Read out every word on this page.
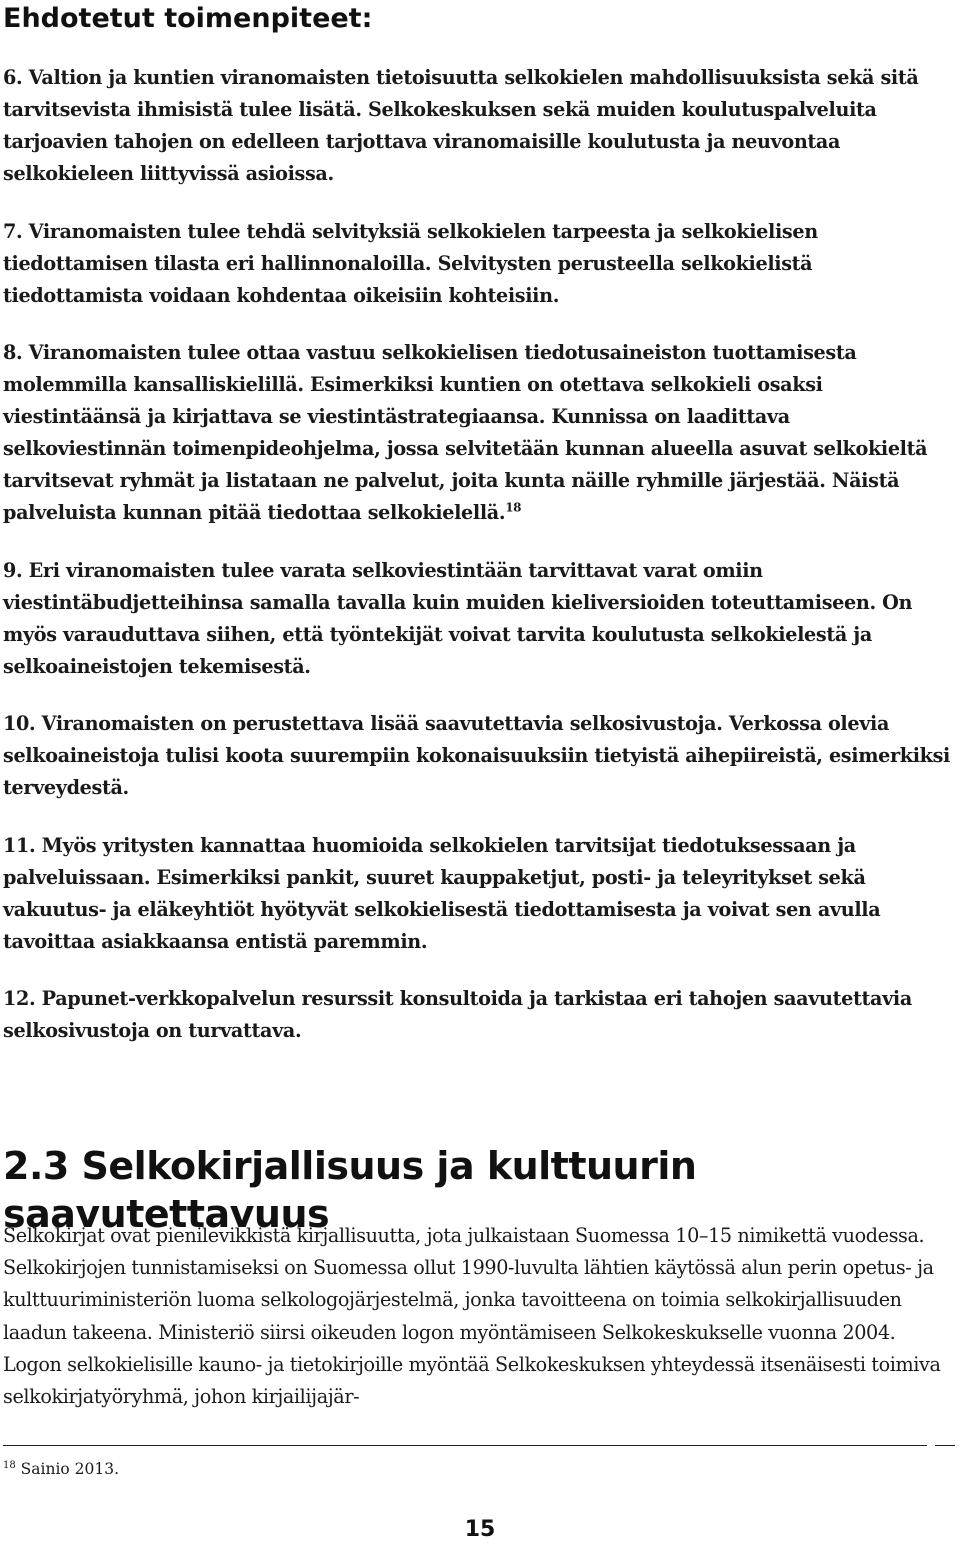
Ehdotetut toimenpiteet:
6. Valtion ja kuntien viranomaisten tietoisuutta selkokielen mahdollisuuksista sekä sitä tarvitsevista ihmisistä tulee lisätä. Selkokeskuksen sekä muiden koulutuspalveluita tarjoavien tahojen on edelleen tarjottava viranomaisille koulutusta ja neuvontaa selkokieleen liittyvissä asioissa.
7. Viranomaisten tulee tehdä selvityksiä selkokielen tarpeesta ja selkokielisen tiedottamisen tilasta eri hallinnonaloilla. Selvitysten perusteella selkokielistä tiedottamista voidaan kohdentaa oikeisiin kohteisiin.
8. Viranomaisten tulee ottaa vastuu selkokielisen tiedotusaineiston tuottamisesta molemmilla kansalliskielillä. Esimerkiksi kuntien on otettava selkokieli osaksi viestintäänsä ja kirjattava se viestintästrategiaansa. Kunnissa on laadittava selkoviestinnän toimenpideohjelma, jossa selvitetään kunnan alueella asuvat selkokieltä tarvitsevat ryhmät ja listataan ne palvelut, joita kunta näille ryhmille järjestää. Näistä palveluista kunnan pitää tiedottaa selkokielellä.$^{18}$
9. Eri viranomaisten tulee varata selkoviestintään tarvittavat varat omiin viestintäbudjetteihinsa samalla tavalla kuin muiden kieliversioiden toteuttamiseen. On myös varauduttava siihen, että työntekijät voivat tarvita koulutusta selkokielestä ja selkoaineistojen tekemisestä.
10. Viranomaisten on perustettava lisää saavutettavia selkosivustoja. Verkossa olevia selkoaineistoja tulisi koota suurempiin kokonaisuuksiin tietyistä aihepiireistä, esimerkiksi terveydestä.
11. Myös yritysten kannattaa huomioida selkokielen tarvitsijat tiedotuksessaan ja palveluissaan. Esimerkiksi pankit, suuret kauppaketjut, posti- ja teleyritykset sekä vakuutus- ja eläkeyhtiöt hyötyvät selkokielisestä tiedottamisesta ja voivat sen avulla tavoittaa asiakkaansa entistä paremmin.
12. Papunet-verkkopalvelun resurssit konsultoida ja tarkistaa eri tahojen saavutettavia selkosivustoja on turvattava.
2.3 Selkokirjallisuus ja kulttuurin saavutettavuus

Selkokirjat ovat pienilevikkistä kirjallisuutta, jota julkaistaan Suomessa 10–15 nimikettä vuodessa. Selkokirjojen tunnistamiseksi on Suomessa ollut 1990-luvulta lähtien käytössä alun perin opetus- ja kulttuuriministeriön luoma selkologojärjestelmä, jonka tavoitteena on toimia selkokirjallisuuden laadun takeena. Ministeriö siirsi oikeuden logon myöntämiseen Selkokeskukselle vuonna 2004. Logon selkokielisille kauno- ja tietokirjoille myöntää Selkokeskuksen yhteydessä itsenäisesti toimiva selkokirjatyöryhmä, johon kirjailijajär-

$^{18}$ Sainio 2013.

15
